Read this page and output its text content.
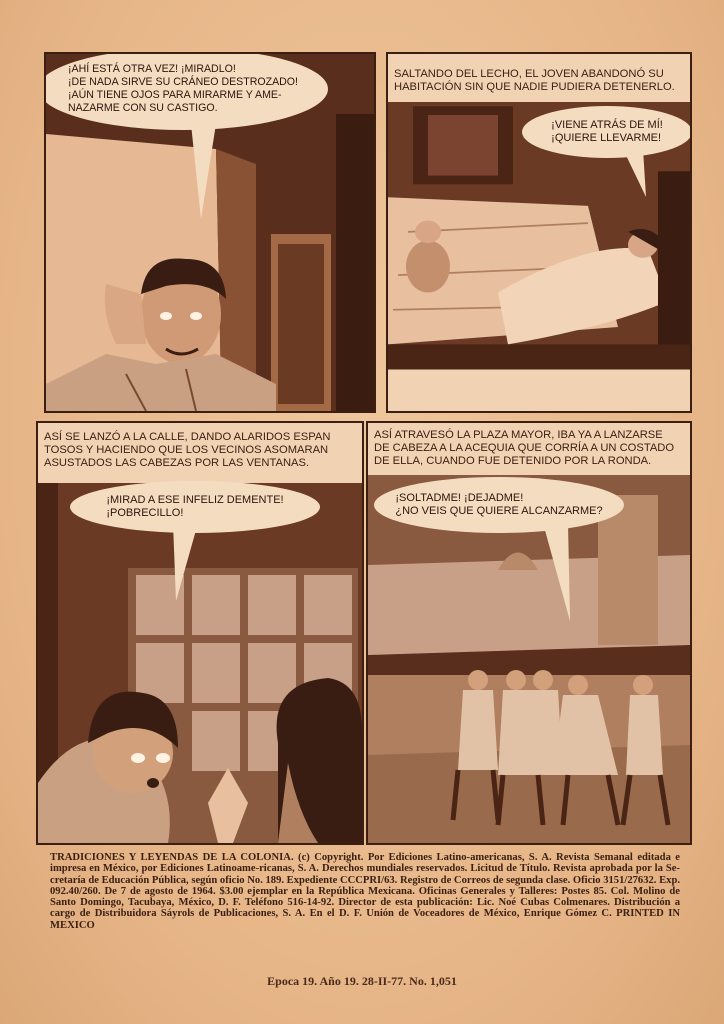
¡AHÍ ESTÁ OTRA VEZ! ¡MIRADLO!
¡DE NADA SIRVE SU CRÁNEO DESTROZADO!
¡AÚN TIENE OJOS PARA MIRARME Y AME-
NAZARME CON SU CASTIGO.
SALTANDO DEL LECHO, EL JOVEN ABANDONÓ SU
HABITACIÓN SIN QUE NADIE PUDIERA DETENERLO.
¡VIENE ATRÁS DE MÍ!
¡QUIERE LLEVARME!
ASÍ SE LANZÓ A LA CALLE, DANDO ALARIDOS ESPAN
TOSOS Y HACIENDO QUE LOS VECINOS ASOMARAN
ASUSTADOS LAS CABEZAS POR LAS VENTANAS.
¡MIRAD A ESE INFELIZ DEMENTE!
¡POBRECILLO!
ASÍ ATRAVESÓ LA PLAZA MAYOR, IBA YA A LANZARSE
DE CABEZA A LA ACEQUIA QUE CORRÍA A UN COSTADO
DE ELLA, CUANDO FUE DETENIDO POR LA RONDA.
¡SOLTADME! ¡DEJADME!
¿NO VEIS QUE QUIERE ALCANZARME?
TRADICIONES Y LEYENDAS DE LA COLONIA. (c) Copyright. Por Ediciones Latino-americanas, S. A. Revista Semanal editada e impresa en México, por Ediciones Latinoame-ricanas, S. A. Derechos mundiales reservados. Licitud de Título. Revista aprobada por la Se-cretaría de Educación Pública, según oficio No. 189. Expediente CCCPRI/63. Registro de Correos de segunda clase. Oficio 3151/27632. Exp. 092.40/260. De 7 de agosto de 1964. $3.00 ejemplar en la República Mexicana. Oficinas Generales y Talleres: Postes 85. Col. Molino de Santo Domingo, Tacubaya, México, D. F. Teléfono 516-14-92. Director de esta publicación: Lic. Noé Cubas Colmenares. Distribución a cargo de Distribuidora Sáyrols de Publicaciones, S. A. En el D. F. Unión de Voceadores de México, Enrique Gómez C. PRINTED IN MEXICO
Epoca 19. Año 19. 28-II-77. No. 1,051
